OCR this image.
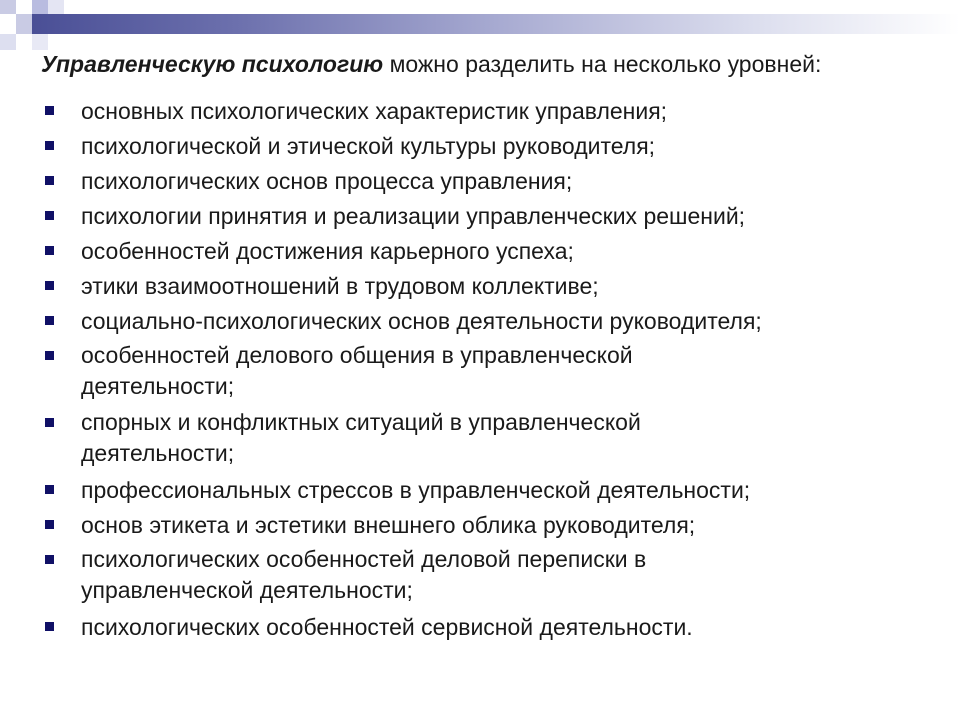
Управленческую психологию можно разделить на несколько уровней:

основных психологических характеристик управления;
психологической и этической культуры руководителя;
психологических основ процесса управления;
психологии принятия и реализации управленческих решений;
особенностей достижения карьерного успеха;
этики взаимоотношений в трудовом коллективе;
социально-психологических основ деятельности руководителя;
особенностей делового общения в управленческой деятельности;
спорных и конфликтных ситуаций в управленческой деятельности;
профессиональных стрессов в управленческой деятельности;
основ этикета и эстетики внешнего облика руководителя;
психологических особенностей деловой переписки в управленческой деятельности;
психологических особенностей сервисной деятельности.
